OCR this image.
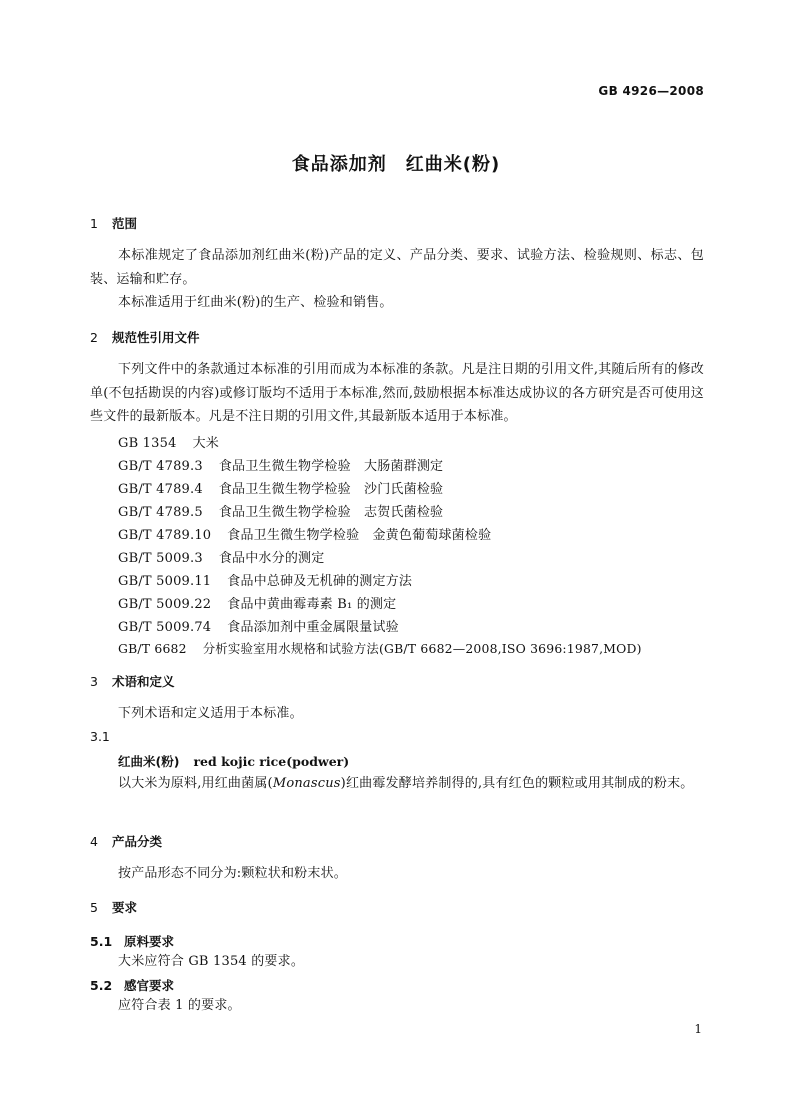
GB 4926—2008
食品添加剂　红曲米(粉)
1 范围
本标准规定了食品添加剂红曲米(粉)产品的定义、产品分类、要求、试验方法、检验规则、标志、包装、运输和贮存。
本标准适用于红曲米(粉)的生产、检验和销售。
2 规范性引用文件
下列文件中的条款通过本标准的引用而成为本标准的条款。凡是注日期的引用文件,其随后所有的修改单(不包括勘误的内容)或修订版均不适用于本标准,然而,鼓励根据本标准达成协议的各方研究是否可使用这些文件的最新版本。凡是不注日期的引用文件,其最新版本适用于本标准。
GB 1354 大米
GB/T 4789.3 食品卫生微生物学检验　大肠菌群测定
GB/T 4789.4 食品卫生微生物学检验　沙门氏菌检验
GB/T 4789.5 食品卫生微生物学检验　志贺氏菌检验
GB/T 4789.10 食品卫生微生物学检验　金黄色葡萄球菌检验
GB/T 5009.3 食品中水分的测定
GB/T 5009.11 食品中总砷及无机砷的测定方法
GB/T 5009.22 食品中黄曲霉毒素 B₁ 的测定
GB/T 5009.74 食品添加剂中重金属限量试验
GB/T 6682 分析实验室用水规格和试验方法(GB/T 6682—2008,ISO 3696:1987,MOD)
3 术语和定义
下列术语和定义适用于本标准。
3.1
红曲米(粉) red kojic rice(podwer)
以大米为原料,用红曲菌属(Monascus)红曲霉发酵培养制得的,具有红色的颗粒或用其制成的粉末。
4 产品分类
按产品形态不同分为:颗粒状和粉末状。
5 要求
5.1 原料要求
大米应符合 GB 1354 的要求。
5.2 感官要求
应符合表 1 的要求。
1
